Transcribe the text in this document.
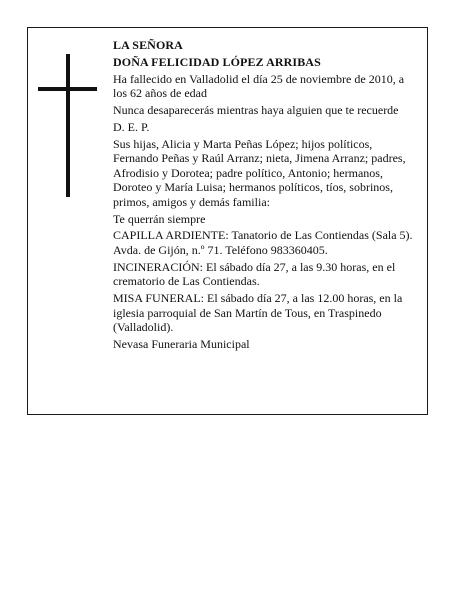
LA SEÑORA

DOÑA FELICIDAD LÓPEZ ARRIBAS

Ha fallecido en Valladolid el día 25 de noviembre de 2010, a los 62 años de edad

Nunca desaparecerás mientras haya alguien que te recuerde

D. E. P.

Sus hijas, Alicia y Marta Peñas López; hijos políticos, Fernando Peñas y Raúl Arranz; nieta, Jimena Arranz; padres, Afrodisio y Dorotea; padre político, Antonio; hermanos, Doroteo y María Luisa; hermanos políticos, tíos, sobrinos, primos, amigos y demás familia:

Te querrán siempre

CAPILLA ARDIENTE: Tanatorio de Las Contiendas (Sala 5). Avda. de Gijón, n.º 71. Teléfono 983360405.

INCINERACIÓN: El sábado día 27, a las 9.30 horas, en el crematorio de Las Contiendas.

MISA FUNERAL: El sábado día 27, a las 12.00 horas, en la iglesia parroquial de San Martín de Tous, en Traspinedo (Valladolid).

Nevasa Funeraria Municipal
